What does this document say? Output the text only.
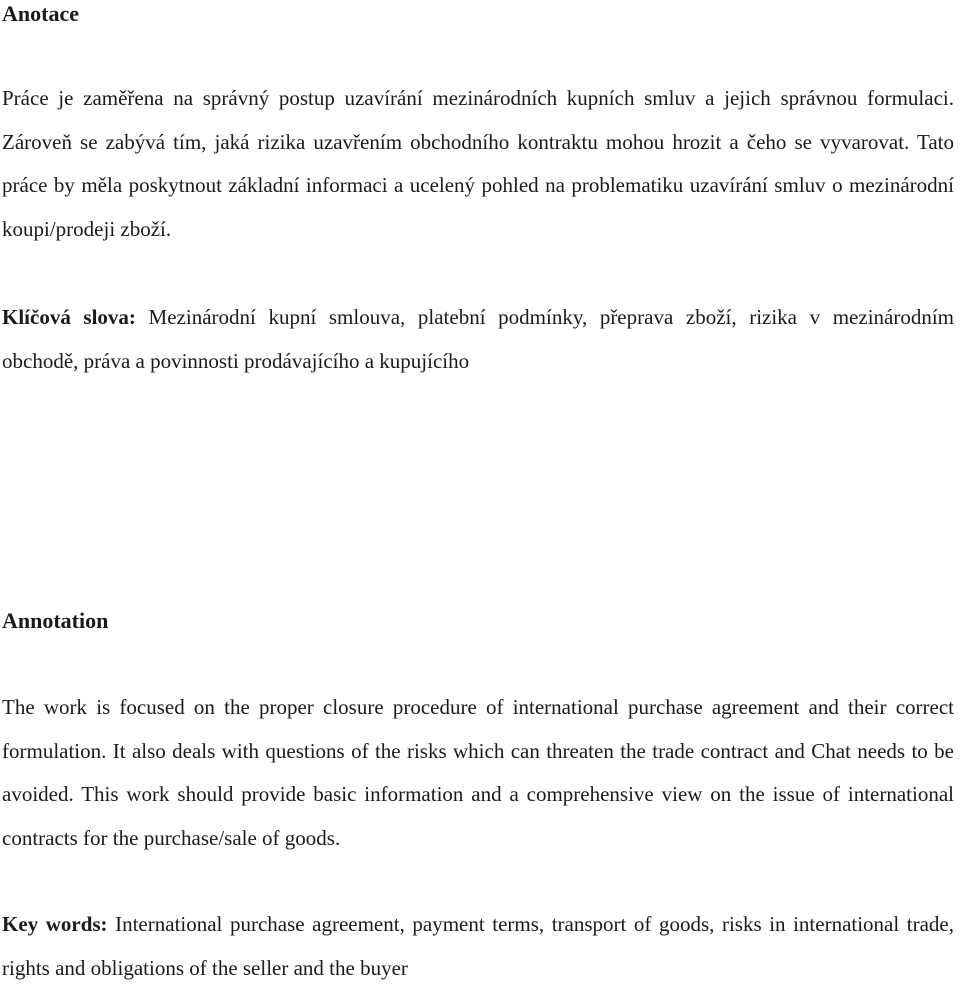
Anotace

Práce je zaměřena na správný postup uzavírání mezinárodních kupních smluv a jejich správnou formulaci. Zároveň se zabývá tím, jaká rizika uzavřením obchodního kontraktu mohou hrozit a čeho se vyvarovat. Tato práce by měla poskytnout základní informaci a ucelený pohled na problematiku uzavírání smluv o mezinárodní koupi/prodeji zboží.

Klíčová slova: Mezinárodní kupní smlouva, platební podmínky, přeprava zboží, rizika v mezinárodním obchodě, práva a povinnosti prodávajícího a kupujícího

Annotation

The work is focused on the proper closure procedure of international purchase agreement and their correct formulation. It also deals with questions of the risks which can threaten the trade contract and Chat needs to be avoided. This work should provide basic information and a comprehensive view on the issue of international contracts for the purchase/sale of goods.

Key words: International purchase agreement, payment terms, transport of goods, risks in international trade, rights and obligations of the seller and the buyer
